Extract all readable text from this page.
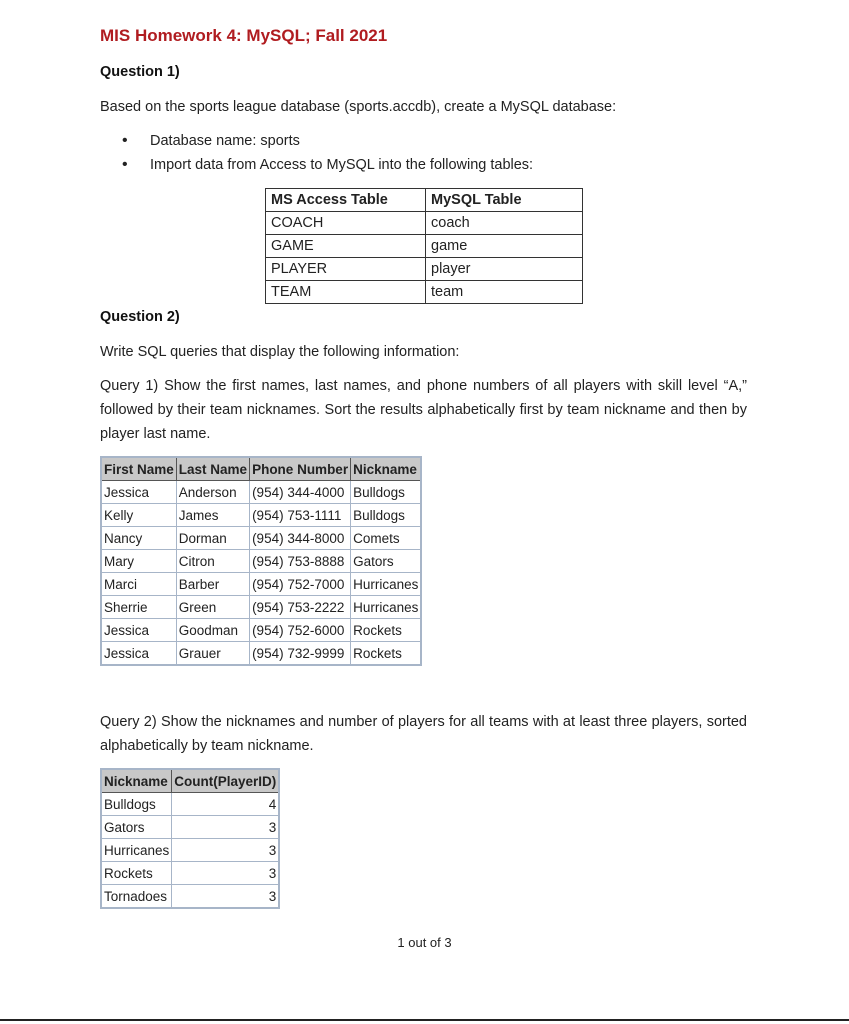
MIS Homework 4: MySQL; Fall 2021
Question 1)
Based on the sports league database (sports.accdb), create a MySQL database:
• Database name: sports
• Import data from Access to MySQL into the following tables:
MS Access Table	MySQL Table
COACH	coach
GAME	game
PLAYER	player
TEAM	team
Question 2)
Write SQL queries that display the following information:
Query 1) Show the first names, last names, and phone numbers of all players with skill level “A,” followed by their team nicknames. Sort the results alphabetically first by team nickname and then by player last name.
First Name	Last Name	Phone Number	Nickname
Jessica	Anderson	(954) 344-4000	Bulldogs
Kelly	James	(954) 753-1111	Bulldogs
Nancy	Dorman	(954) 344-8000	Comets
Mary	Citron	(954) 753-8888	Gators
Marci	Barber	(954) 752-7000	Hurricanes
Sherrie	Green	(954) 753-2222	Hurricanes
Jessica	Goodman	(954) 752-6000	Rockets
Jessica	Grauer	(954) 732-9999	Rockets
Query 2) Show the nicknames and number of players for all teams with at least three players, sorted alphabetically by team nickname.
Nickname	Count(PlayerID)
Bulldogs	4
Gators	3
Hurricanes	3
Rockets	3
Tornadoes	3
1 out of 3
